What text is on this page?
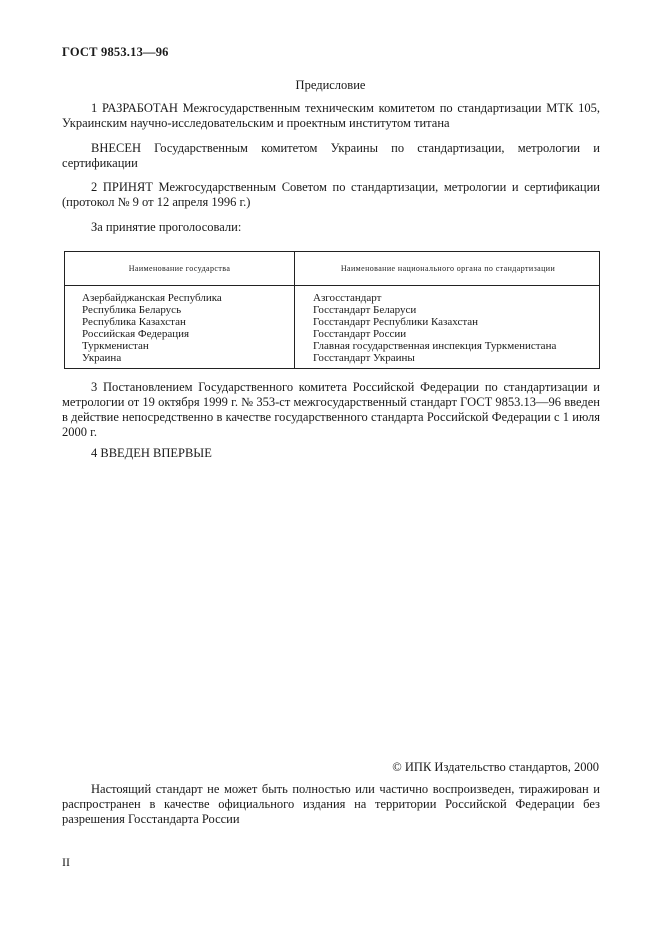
ГОСТ 9853.13—96
Предисловие
1 РАЗРАБОТАН Межгосударственным техническим комитетом по стандартизации МТК 105, Украинским научно-исследовательским и проектным институтом титана
ВНЕСЕН Государственным комитетом Украины по стандартизации, метрологии и сертификации
2 ПРИНЯТ Межгосударственным Советом по стандартизации, метрологии и сертификации (протокол № 9 от 12 апреля 1996 г.)
За принятие проголосовали:
Наименование государства	Наименование национального органа по стандартизации
Азербайджанская Республика
Республика Беларусь
Республика Казахстан
Российская Федерация
Туркменистан
Украина
Азгосстандарт
Госстандарт Беларуси
Госстандарт Республики Казахстан
Госстандарт России
Главная государственная инспекция Туркменистана
Госстандарт Украины
3 Постановлением Государственного комитета Российской Федерации по стандартизации и метрологии от 19 октября 1999 г. № 353-ст межгосударственный стандарт ГОСТ 9853.13—96 введен в действие непосредственно в качестве государственного стандарта Российской Федерации с 1 июля 2000 г.
4 ВВЕДЕН ВПЕРВЫЕ
© ИПК Издательство стандартов, 2000
Настоящий стандарт не может быть полностью или частично воспроизведен, тиражирован и распространен в качестве официального издания на территории Российской Федерации без разрешения Госстандарта России
II
